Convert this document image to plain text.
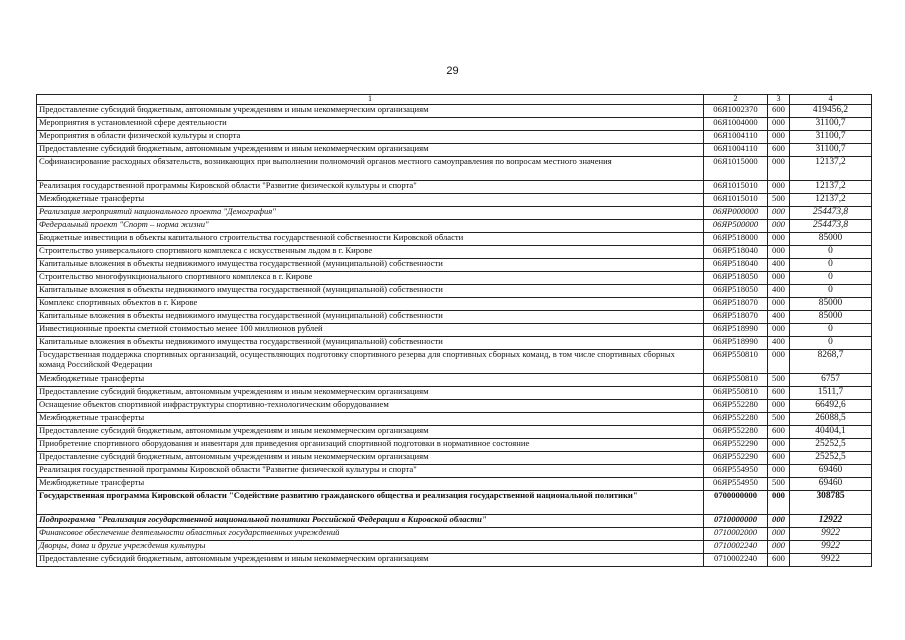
29
1	2	3	4
Предоставление субсидий бюджетным, автономным учреждениям и иным некоммерческим организациям	06Я1002370	600	419456,2
Мероприятия в установленной сфере деятельности	06Я1004000	000	31100,7
Мероприятия в области физической культуры и спорта	06Я1004110	000	31100,7
Предоставление субсидий бюджетным, автономным учреждениям и иным некоммерческим организациям	06Я1004110	600	31100,7
Софинансирование расходных обязательств, возникающих при выполнении полномочий органов местного самоуправления по вопросам местного значения	06Я1015000	000	12137,2
Реализация государственной программы Кировской области "Развитие физической культуры и спорта"	06Я1015010	000	12137,2
Межбюджетные трансферты	06Я1015010	500	12137,2
Реализация мероприятий национального проекта "Демография"	06ЯP000000	000	254473,8
Федеральный проект "Спорт – норма жизни"	06ЯP500000	000	254473,8
Бюджетные инвестиции в объекты капитального строительства государственной собственности Кировской области	06ЯP518000	000	85000
Строительство универсального спортивного комплекса с искусственным льдом в г. Кирове	06ЯP518040	000	0
Капитальные вложения в объекты недвижимого имущества государственной (муниципальной) собственности	06ЯP518040	400	0
Строительство многофункционального спортивного комплекса в г. Кирове	06ЯP518050	000	0
Капитальные вложения в объекты недвижимого имущества государственной (муниципальной) собственности	06ЯP518050	400	0
Комплекс спортивных объектов в г. Кирове	06ЯP518070	000	85000
Капитальные вложения в объекты недвижимого имущества государственной (муниципальной) собственности	06ЯP518070	400	85000
Инвестиционные проекты сметной стоимостью менее 100 миллионов рублей	06ЯP518990	000	0
Капитальные вложения в объекты недвижимого имущества государственной (муниципальной) собственности	06ЯP518990	400	0
Государственная поддержка спортивных организаций, осуществляющих подготовку спортивного резерва для спортивных сборных команд, в том числе спортивных сборных команд Российской Федерации	06ЯP550810	000	8268,7
Межбюджетные трансферты	06ЯP550810	500	6757
Предоставление субсидий бюджетным, автономным учреждениям и иным некоммерческим организациям	06ЯP550810	600	1511,7
Оснащение объектов спортивной инфраструктуры спортивно-технологическим оборудованием	06ЯP552280	000	66492,6
Межбюджетные трансферты	06ЯP552280	500	26088,5
Предоставление субсидий бюджетным, автономным учреждениям и иным некоммерческим организациям	06ЯP552280	600	40404,1
Приобретение спортивного оборудования и инвентаря для приведения организаций спортивной подготовки в нормативное состояние	06ЯP552290	000	25252,5
Предоставление субсидий бюджетным, автономным учреждениям и иным некоммерческим организациям	06ЯP552290	600	25252,5
Реализация государственной программы Кировской области "Развитие физической культуры и спорта"	06ЯP554950	000	69460
Межбюджетные трансферты	06ЯP554950	500	69460
Государственная программа Кировской области "Содействие развитию гражданского общества и реализация государственной национальной политики"	0700000000	000	308785
Подпрограмма "Реализация государственной национальной политики Российской Федерации в Кировской области"	0710000000	000	12922
Финансовое обеспечение деятельности областных государственных учреждений	0710002000	000	9922
Дворцы, дома и другие учреждения культуры	0710002240	000	9922
Предоставление субсидий бюджетным, автономным учреждениям и иным некоммерческим организациям	0710002240	600	9922
